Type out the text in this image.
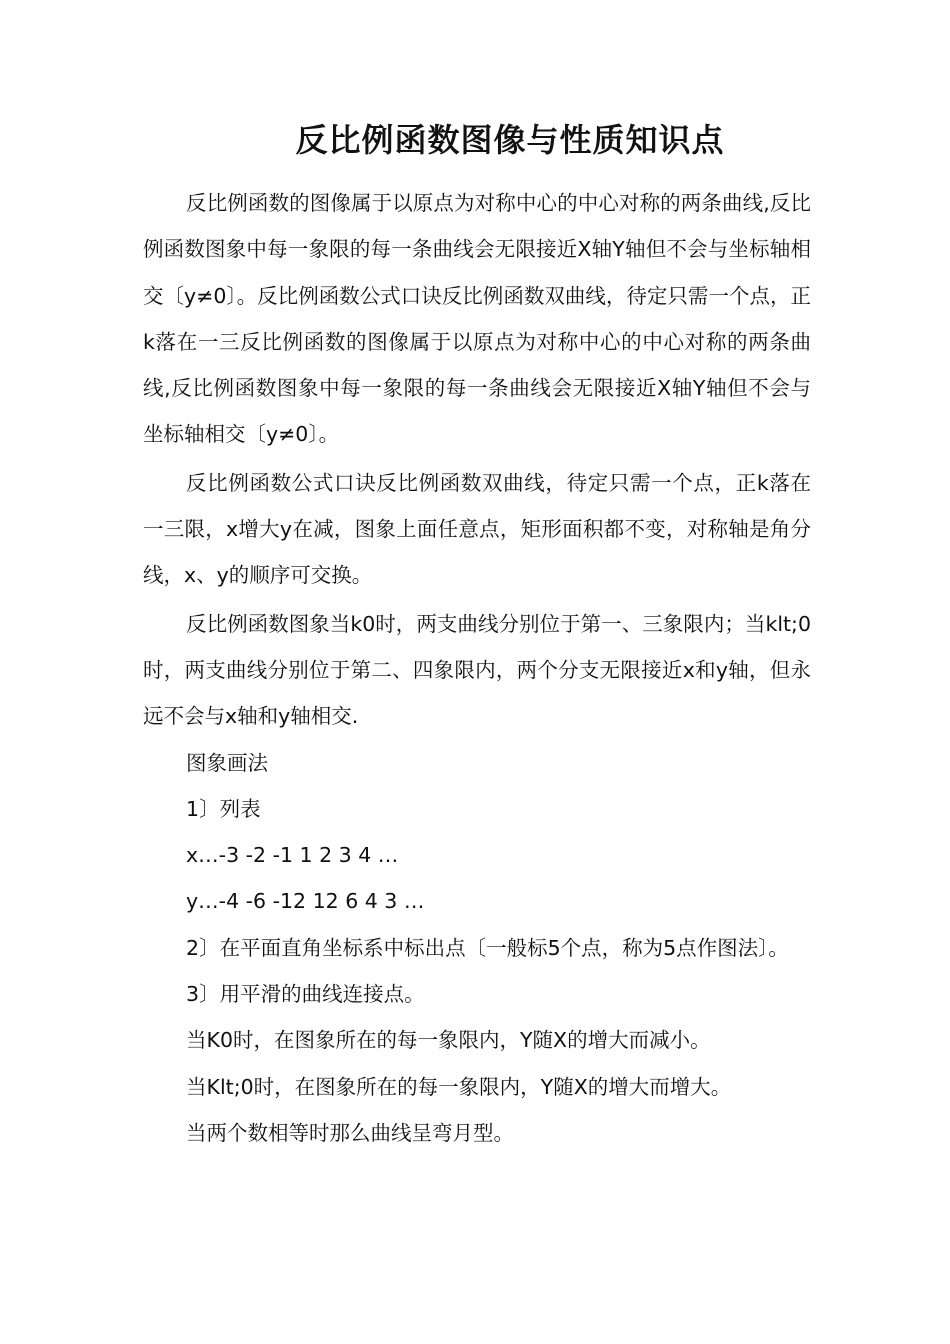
反比例函数图像与性质知识点

反比例函数的图像属于以原点为对称中心的中心对称的两条曲线,反比例函数图象中每一象限的每一条曲线会无限接近X轴Y轴但不会与坐标轴相交〔y≠0〕。反比例函数公式口诀反比例函数双曲线，待定只需一个点，正k落在一三反比例函数的图像属于以原点为对称中心的中心对称的两条曲线,反比例函数图象中每一象限的每一条曲线会无限接近X轴Y轴但不会与坐标轴相交〔y≠0〕。

反比例函数公式口诀反比例函数双曲线，待定只需一个点，正k落在一三限，x增大y在减，图象上面任意点，矩形面积都不变，对称轴是角分线，x、y的顺序可交换。

反比例函数图象当k0时，两支曲线分别位于第一、三象限内；当klt;0时，两支曲线分别位于第二、四象限内，两个分支无限接近x和y轴，但永远不会与x轴和y轴相交.

图象画法

1〕列表

x…-3 -2 -1 1 2 3 4 …

y…-4 -6 -12 12 6 4 3 …

2〕在平面直角坐标系中标出点〔一般标5个点，称为5点作图法〕。

3〕用平滑的曲线连接点。

当K0时，在图象所在的每一象限内，Y随X的增大而减小。

当Klt;0时，在图象所在的每一象限内，Y随X的增大而增大。

当两个数相等时那么曲线呈弯月型。
